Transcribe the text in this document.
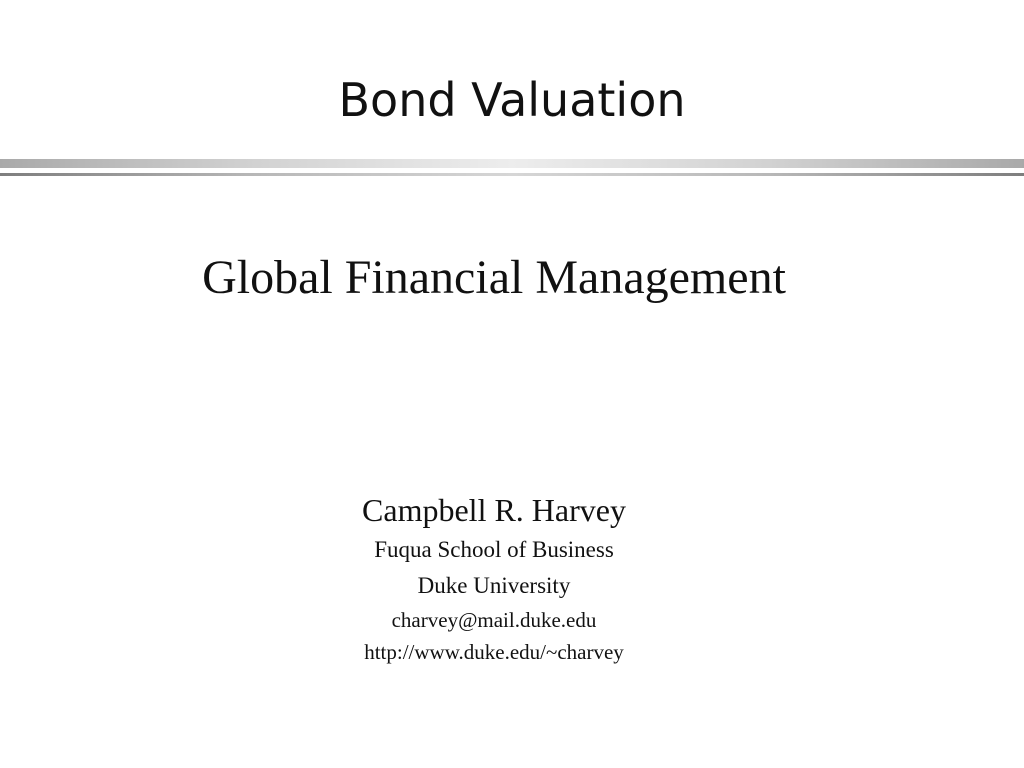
Bond Valuation
Global Financial Management
Campbell R. Harvey
Fuqua School of Business
Duke University
charvey@mail.duke.edu
http://www.duke.edu/~charvey
